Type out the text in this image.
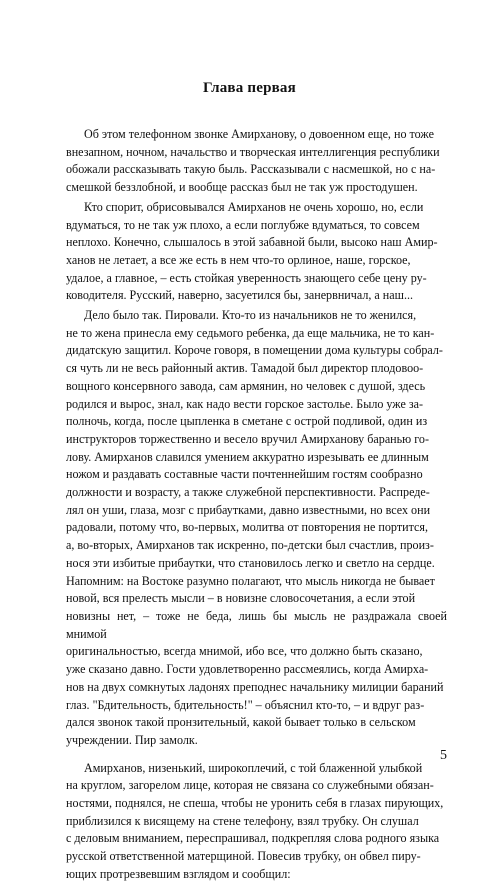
Глава первая

Об этом телефонном звонке Амирханову, о довоенном еще, но тоже
внезапном, ночном, начальство и творческая интеллигенция республики
обожали рассказывать такую быль. Рассказывали с насмешкой, но с на-
смешкой беззлобной, и вообще рассказ был не так уж простодушен.

Кто спорит, обрисовывался Амирханов не очень хорошо, но, если
вдуматься, то не так уж плохо, а если поглубже вдуматься, то совсем
неплохо. Конечно, слышалось в этой забавной были, высоко наш Амир-
ханов не летает, а все же есть в нем что-то орлиное, наше, горское,
удалое, а главное, – есть стойкая уверенность знающего себе цену ру-
ководителя. Русский, наверно, засуетился бы, занервничал, а наш...

Дело было так. Пировали. Кто-то из начальников не то женился,
не то жена принесла ему седьмого ребенка, да еще мальчика, не то кан-
дидатскую защитил. Короче говоря, в помещении дома культуры собрал-
ся чуть ли не весь районный актив. Тамадой был директор плодовоо-
вощного консервного завода, сам армянин, но человек с душой, здесь
родился и вырос, знал, как надо вести горское застолье. Было уже за-
полночь, когда, после цыпленка в сметане с острой подливой, один из
инструкторов торжественно и весело вручил Амирханову баранью го-
лову. Амирханов славился умением аккуратно изрезывать ее длинным
ножом и раздавать составные части почтеннейшим гостям сообразно
должности и возрасту, а также служебной перспективности. Распреде-
лял он уши, глаза, мозг с прибаутками, давно известными, но всех они
радовали, потому что, во-первых, молитва от повторения не портится,
а, во-вторых, Амирханов так искренно, по-детски был счастлив, произ-
нося эти избитые прибаутки, что становилось легко и светло на сердце.
Напомним: на Востоке разумно полагают, что мысль никогда не бывает
новой, вся прелесть мысли – в новизне словосочетания, а если этой
новизны нет, – тоже не беда, лишь бы мысль не раздражала своей мнимой
оригинальностью, всегда мнимой, ибо все, что должно быть сказано,
уже сказано давно. Гости удовлетворенно рассмеялись, когда Амирха-
нов на двух сомкнутых ладонях преподнес начальнику милиции бараний
глаз. "Бдительность, бдительность!" – объяснил кто-то, – и вдруг раз-
дался звонок такой пронзительный, какой бывает только в сельском
учреждении. Пир замолк.

Амирханов, низенький, широкоплечий, с той блаженной улыбкой
на круглом, загорелом лице, которая не связана со служебными обязан-
ностями, поднялся, не спеша, чтобы не уронить себя в глазах пирующих,
приблизился к висящему на стене телефону, взял трубку. Он слушал
с деловым вниманием, переспрашивал, подкрепляя слова родного языка
русской ответственной матерщиной. Повесив трубку, он обвел пиру-
ющих протрезвевшим взглядом и сообщил:

5
